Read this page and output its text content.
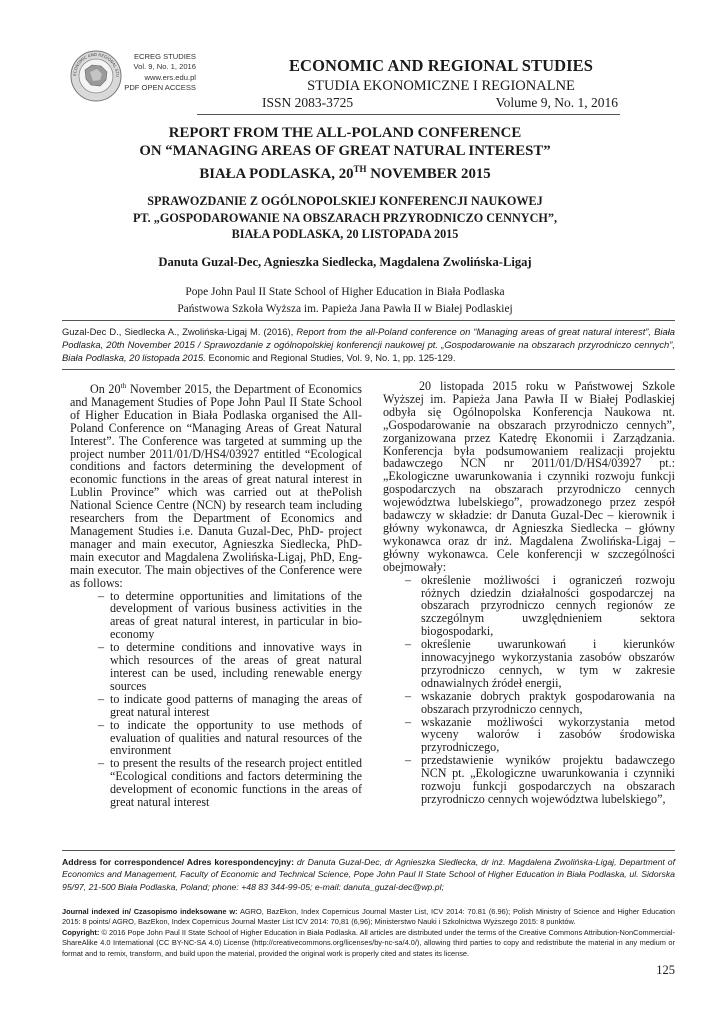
ECONOMIC AND REGIONAL STU
ECREG STUDIES
Vol. 9, No. 1, 2016
www.ers.edu.pl
PDF OPEN ACCESS
ECONOMIC AND REGIONAL STUDIES
STUDIA EKONOMICZNE I REGIONALNE
ISSN 2083-3725	Volume 9, No. 1, 2016
REPORT FROM THE ALL-POLAND CONFERENCE
ON “MANAGING AREAS OF GREAT NATURAL INTEREST”
BIAŁA PODLASKA, 20TH NOVEMBER 2015
SPRAWOZDANIE Z OGÓLNOPOLSKIEJ KONFERENCJI NAUKOWEJ
PT. „GOSPODAROWANIE NA OBSZARACH PRZYRODNICZO CENNYCH”,
BIAŁA PODLASKA, 20 LISTOPADA 2015
Danuta Guzal-Dec, Agnieszka Siedlecka, Magdalena Zwolińska-Ligaj
Pope John Paul II State School of Higher Education in Biała Podlaska
Państwowa Szkoła Wyższa im. Papieża Jana Pawła II w Białej Podlaskiej
Guzal-Dec D., Siedlecka A., Zwolińska-Ligaj M. (2016), Report from the all-Poland conference on “Managing areas of great natural interest”, Biała Podlaska, 20th November 2015 / Sprawozdanie z ogólnopolskiej konferencji naukowej pt. „Gospodarowanie na obszarach przyrodniczo cennych”, Biała Podlaska, 20 listopada 2015. Economic and Regional Studies, Vol. 9, No. 1, pp. 125-129.

On 20th November 2015, the Department of Economics and Management Studies of Pope John Paul II State School of Higher Education in Biała Podlaska organised the All-Poland Conference on “Managing Areas of Great Natural Interest”. The Conference was targeted at summing up the project number 2011/01/D/HS4/03927 entitled “Ecological conditions and factors determining the development of economic functions in the areas of great natural interest in Lublin Province” which was carried out at thePolish National Science Centre (NCN) by research team including researchers from the Department of Economics and Management Studies i.e. Danuta Guzal-Dec, PhD- project manager and main executor, Agnieszka Siedlecka, PhD- main executor and Magdalena Zwolińska-Ligaj, PhD, Eng- main executor. The main objectives of the Conference were as follows:

– to determine opportunities and limitations of the development of various business activities in the areas of great natural interest, in particular in bio-economy
– to determine conditions and innovative ways in which resources of the areas of great natural interest can be used, including renewable energy sources
– to indicate good patterns of managing the areas of great natural interest
– to indicate the opportunity to use methods of evaluation of qualities and natural resources of the environment
– to present the results of the research project entitled “Ecological conditions and factors determining the development of economic functions in the areas of great natural interest

20 listopada 2015 roku w Państwowej Szkole Wyższej im. Papieża Jana Pawła II w Białej Podlaskiej odbyła się Ogólnopolska Konferencja Naukowa nt. „Gospodarowanie na obszarach przyrodniczo cennych”, zorganizowana przez Katedrę Ekonomii i Zarządzania. Konferencja była podsumowaniem realizacji projektu badawczego NCN nr 2011/01/D/HS4/03927 pt.: „Ekologiczne uwarunkowania i czynniki rozwoju funkcji gospodarczych na obszarach przyrodniczo cennych województwa lubelskiego”, prowadzonego przez zespół badawczy w składzie: dr Danuta Guzal-Dec – kierownik i główny wykonawca, dr Agnieszka Siedlecka – główny wykonawca oraz dr inż. Magdalena Zwolińska-Ligaj – główny wykonawca. Cele konferencji w szczególności obejmowały:

– określenie możliwości i ograniczeń rozwoju różnych dziedzin działalności gospodarczej na obszarach przyrodniczo cennych regionów ze szczególnym uwzględnieniem sektora biogospodarki,
– określenie uwarunkowań i kierunków innowacyjnego wykorzystania zasobów obszarów przyrodniczo cennych, w tym w zakresie odnawialnych źródeł energii,
– wskazanie dobrych praktyk gospodarowania na obszarach przyrodniczo cennych,
– wskazanie możliwości wykorzystania metod wyceny walorów i zasobów środowiska przyrodniczego,
– przedstawienie wyników projektu badawczego NCN pt. „Ekologiczne uwarunkowania i czynniki rozwoju funkcji gospodarczych na obszarach przyrodniczo cennych województwa lubelskiego”,
Address for correspondence/ Adres korespondencyjny: dr Danuta Guzal-Dec, dr Agnieszka Siedlecka, dr inż. Magdalena Zwolińska-Ligaj, Department of Economics and Management, Faculty of Economic and Technical Science, Pope John Paul II State School of Higher Education in Biała Podlaska, ul. Sidorska 95/97, 21-500 Biała Podlaska, Poland; phone: +48 83 344-99-05; e-mail: danuta_guzal-dec@wp.pl;
Journal indexed in/ Czasopismo indeksowane w: AGRO, BazEkon, Index Copernicus Journal Master List, ICV 2014: 70.81 (6.96); Polish Ministry of Science and Higher Education 2015: 8 points/ AGRO, BazEkon, Index Copernicus Journal Master List ICV 2014: 70,81 (6,96); Ministerstwo Nauki i Szkolnictwa Wyższego 2015: 8 punktów.
Copyright: © 2016 Pope John Paul II State School of Higher Education in Biała Podlaska. All articles are distributed under the terms of the Creative Commons Attribution-NonCommercial-ShareAlike 4.0 International (CC BY-NC-SA 4.0) License (http://creativecommons.org/licenses/by-nc-sa/4.0/), allowing third parties to copy and redistribute the material in any medium or format and to remix, transform, and build upon the material, provided the original work is properly cited and states its license.
125
